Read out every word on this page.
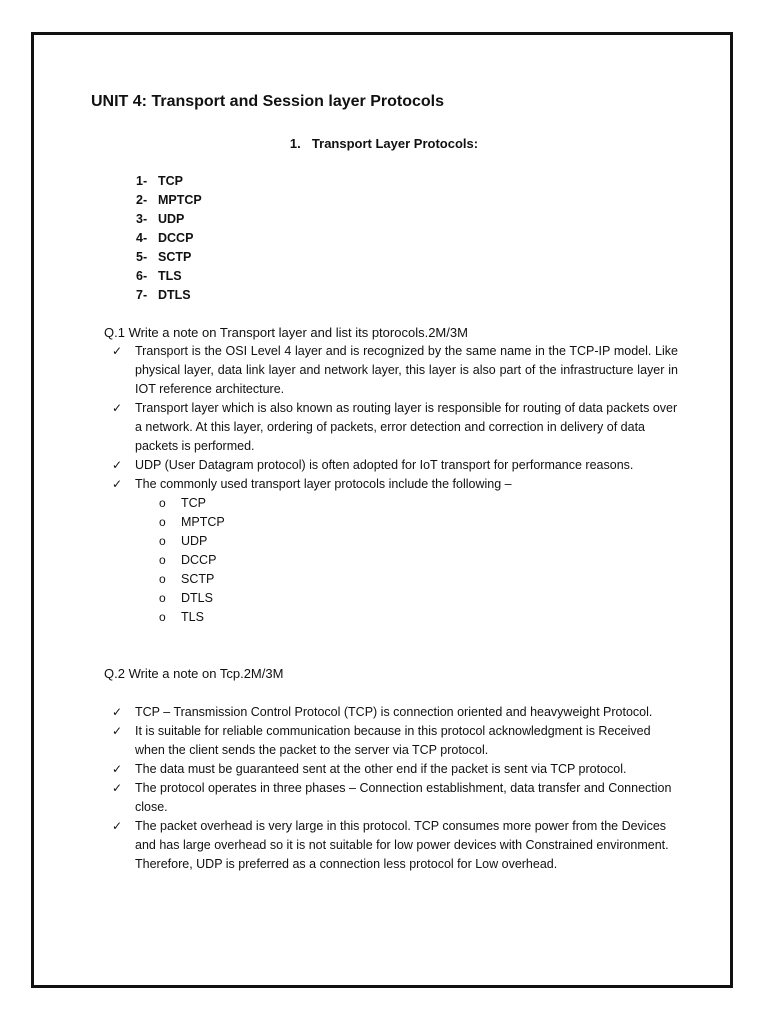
UNIT 4: Transport and Session layer Protocols
1. Transport Layer Protocols:
1- TCP
2- MPTCP
3- UDP
4- DCCP
5- SCTP
6- TLS
7- DTLS
Q.1 Write a note on Transport layer and list its ptorocols.2M/3M
✓	Transport is the OSI Level 4 layer and is recognized by the same name in the TCP-IP model. Like physical layer, data link layer and network layer, this layer is also part of the infrastructure layer in IOT reference architecture.
✓	Transport layer which is also known as routing layer is responsible for routing of data packets over a network. At this layer, ordering of packets, error detection and correction in delivery of data packets is performed.
✓	UDP (User Datagram protocol) is often adopted for IoT transport for performance reasons.
✓	The commonly used transport layer protocols include the following –
o TCP
o MPTCP
o UDP
o DCCP
o SCTP
o DTLS
o TLS
Q.2 Write a note on Tcp.2M/3M
✓	TCP – Transmission Control Protocol (TCP) is connection oriented and heavyweight Protocol.
✓	It is suitable for reliable communication because in this protocol acknowledgment is Received when the client sends the packet to the server via TCP protocol.
✓	The data must be guaranteed sent at the other end if the packet is sent via TCP protocol.
✓	The protocol operates in three phases – Connection establishment, data transfer and Connection close.
✓	The packet overhead is very large in this protocol. TCP consumes more power from the Devices and has large overhead so it is not suitable for low power devices with Constrained environment. Therefore, UDP is preferred as a connection less protocol for Low overhead.
